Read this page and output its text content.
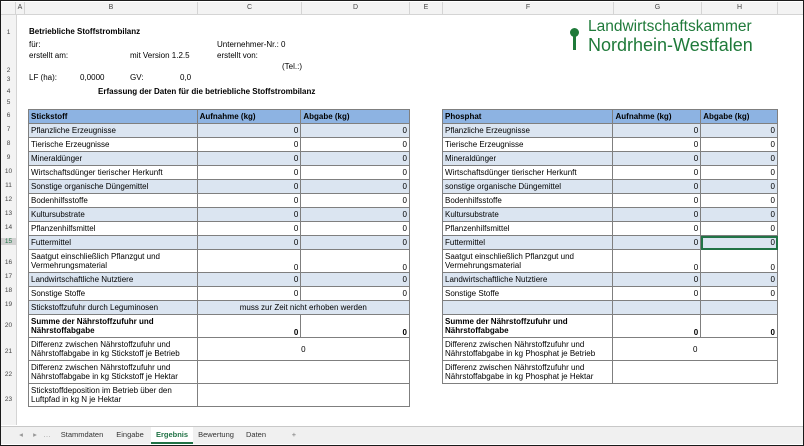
A	B	C	D	E	F	G	H
1
2
3
4
5
6
7
8
9
10
11
12
13
14
15
16
17
18
19
20
21
22
23
Betriebliche Stoffstrombilanz
für:
erstellt am:	mit Version 1.2.5
Unternehmer-Nr.: 0
erstellt von:
(Tel.:)
LF (ha):	0,0000	GV:	0,0
Erfassung der Daten für die betriebliche Stoffstrombilanz
Landwirtschaftskammer
Nordrhein-Westfalen
Stickstoff	Aufnahme (kg)	Abgabe (kg)
Pflanzliche Erzeugnisse	0	0
Tierische Erzeugnisse	0	0
Mineraldünger	0	0
Wirtschaftsdünger tierischer Herkunft	0	0
Sonstige organische Düngemittel	0	0
Bodenhilfsstoffe	0	0
Kultursubstrate	0	0
Pflanzenhilfsmittel	0	0
Futtermittel	0	0
Saatgut einschließlich Pflanzgut und Vermehrungsmaterial	0	0
Landwirtschaftliche Nutztiere	0	0
Sonstige Stoffe	0	0
Stickstoffzufuhr durch Leguminosen	muss zur Zeit nicht erhoben werden	
Summe der Nährstoffzufuhr und Nährstoffabgabe	0	0
Differenz zwischen Nährstoffzufuhr und Nährstoffabgabe in kg Stickstoff je Betrieb	0	
Differenz zwischen Nährstoffzufuhr und Nährstoffabgabe in kg Stickstoff je Hektar		
Stickstoffdeposition im Betrieb über den Luftpfad in kg N je Hektar		
Phosphat	Aufnahme (kg)	Abgabe (kg)
Pflanzliche Erzeugnisse	0	0
Tierische Erzeugnisse	0	0
Mineraldünger	0	0
Wirtschaftsdünger tierischer Herkunft	0	0
sonstige organische Düngemittel	0	0
Bodenhilfsstoffe	0	0
Kultursubstrate	0	0
Pflanzenhilfsmittel	0	0
Futtermittel	0	0
Saatgut einschließlich Pflanzgut und Vermehrungsmaterial	0	0
Landwirtschaftliche Nutztiere	0	0
Sonstige Stoffe	0	0

Summe der Nährstoffzufuhr und Nährstoffabgabe	0	0
Differenz zwischen Nährstoffzufuhr und Nährstoffabgabe in kg Phosphat je Betrieb	0	
Differenz zwischen Nährstoffzufuhr und Nährstoffabgabe in kg Phosphat je Hektar		
◂	▸ …	Stammdaten	Eingabe	Ergebnis	Bewertung	Daten	+
